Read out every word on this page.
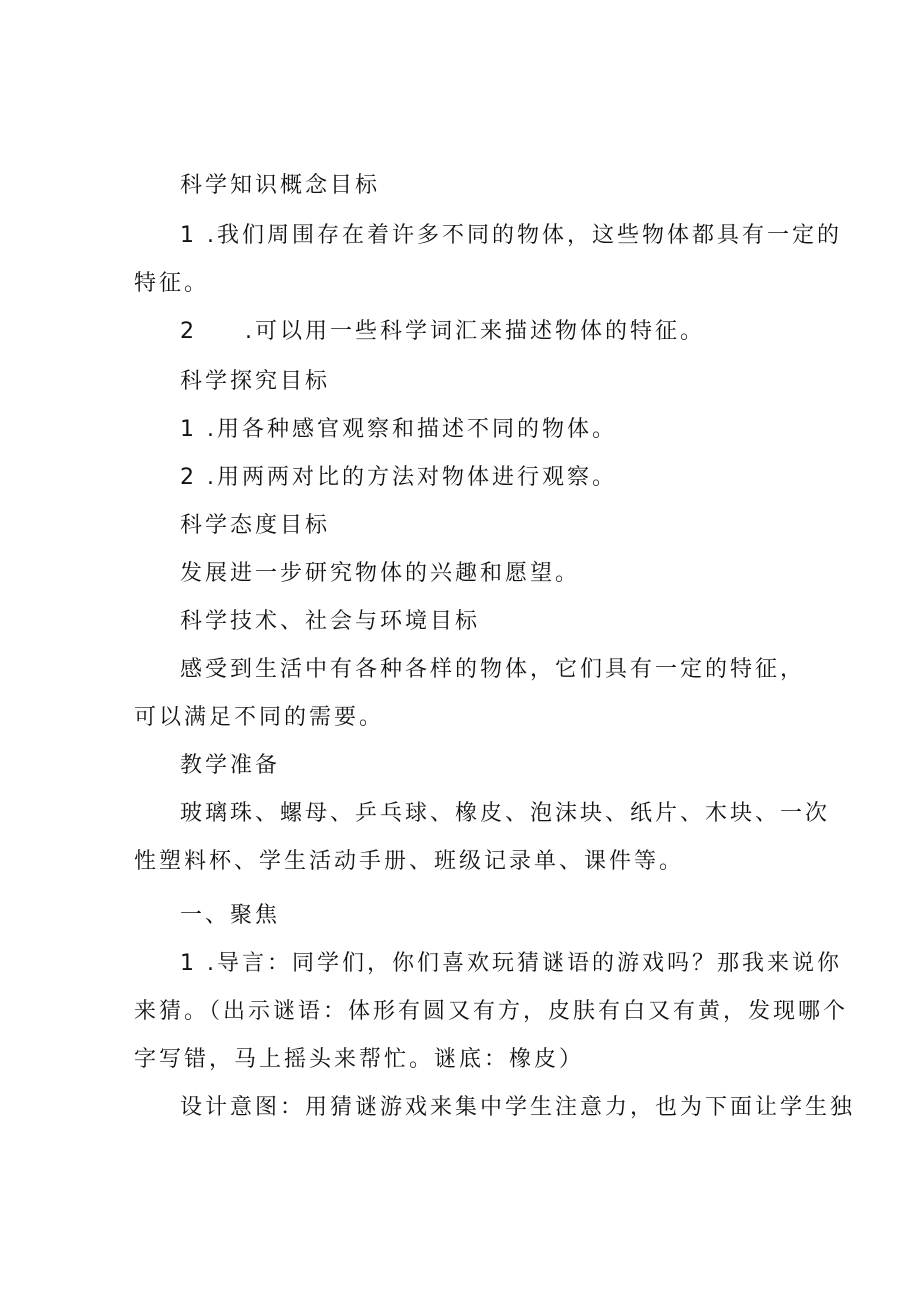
科学知识概念目标
1 .我们周围存在着许多不同的物体，这些物体都具有一定的
特征。
2 .可以用一些科学词汇来描述物体的特征。
科学探究目标
1 .用各种感官观察和描述不同的物体。
2 .用两两对比的方法对物体进行观察。
科学态度目标
发展进一步研究物体的兴趣和愿望。
科学技术、社会与环境目标
感受到生活中有各种各样的物体，它们具有一定的特征，
可以满足不同的需要。
教学准备
玻璃珠、螺母、乒乓球、橡皮、泡沫块、纸片、木块、一次
性塑料杯、学生活动手册、班级记录单、课件等。
一、聚焦
1 .导言：同学们，你们喜欢玩猜谜语的游戏吗？那我来说你
来猜。（出示谜语：体形有圆又有方，皮肤有白又有黄，发现哪个
字写错，马上摇头来帮忙。谜底：橡皮）
设计意图：用猜谜游戏来集中学生注意力，也为下面让学生独
